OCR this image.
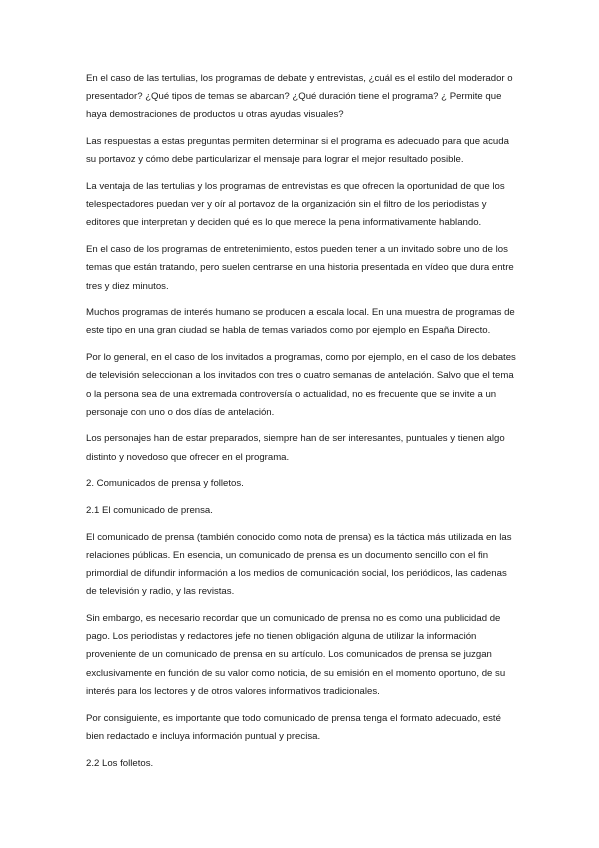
En el caso de las tertulias, los programas de debate y entrevistas, ¿cuál es el estilo del moderador o presentador? ¿Qué tipos de temas se abarcan? ¿Qué duración tiene el programa? ¿ Permite que haya demostraciones de productos u otras ayudas visuales?

Las respuestas a estas preguntas permiten determinar si el programa es adecuado para que acuda su portavoz y cómo debe particularizar el mensaje para lograr el mejor resultado posible.

La ventaja de las tertulias y los programas de entrevistas es que ofrecen la oportunidad de que los telespectadores puedan ver y oír al portavoz de la organización sin el filtro de los periodistas y editores que interpretan y deciden qué es lo que merece la pena informativamente hablando.

En el caso de los programas de entretenimiento, estos pueden tener a un invitado sobre uno de los temas que están tratando, pero suelen centrarse en una historia presentada en vídeo que dura entre tres y diez minutos.

Muchos programas de interés humano se producen a escala local. En una muestra de programas de este tipo en una gran ciudad se habla de temas variados como por ejemplo en España Directo.

Por lo general, en el caso de los invitados a programas, como por ejemplo, en el caso de los debates de televisión seleccionan a los invitados con tres o cuatro semanas de antelación. Salvo que el tema o la persona sea de una extremada controversía o actualidad, no es frecuente que se invite a un personaje con uno o dos días de antelación.

Los personajes han de estar preparados, siempre han de ser interesantes, puntuales y tienen algo distinto y novedoso que ofrecer en el programa.

2. Comunicados de prensa y folletos.

2.1 El comunicado de prensa.

El comunicado de prensa (también conocido como nota de prensa) es la táctica más utilizada en las relaciones públicas. En esencia, un comunicado de prensa es un documento sencillo con el fin primordial de difundir información a los medios de comunicación social, los periódicos, las cadenas de televisión y radio, y las revistas.

Sin embargo, es necesario recordar que un comunicado de prensa no es como una publicidad de pago. Los periodistas y redactores jefe no tienen obligación alguna de utilizar la información proveniente de un comunicado de prensa en su artículo. Los comunicados de prensa se juzgan exclusivamente en función de su valor como noticia, de su emisión en el momento oportuno, de su interés para los lectores y de otros valores informativos tradicionales.

Por consiguiente, es importante que todo comunicado de prensa tenga el formato adecuado, esté bien redactado e incluya información puntual y precisa.

2.2 Los folletos.
